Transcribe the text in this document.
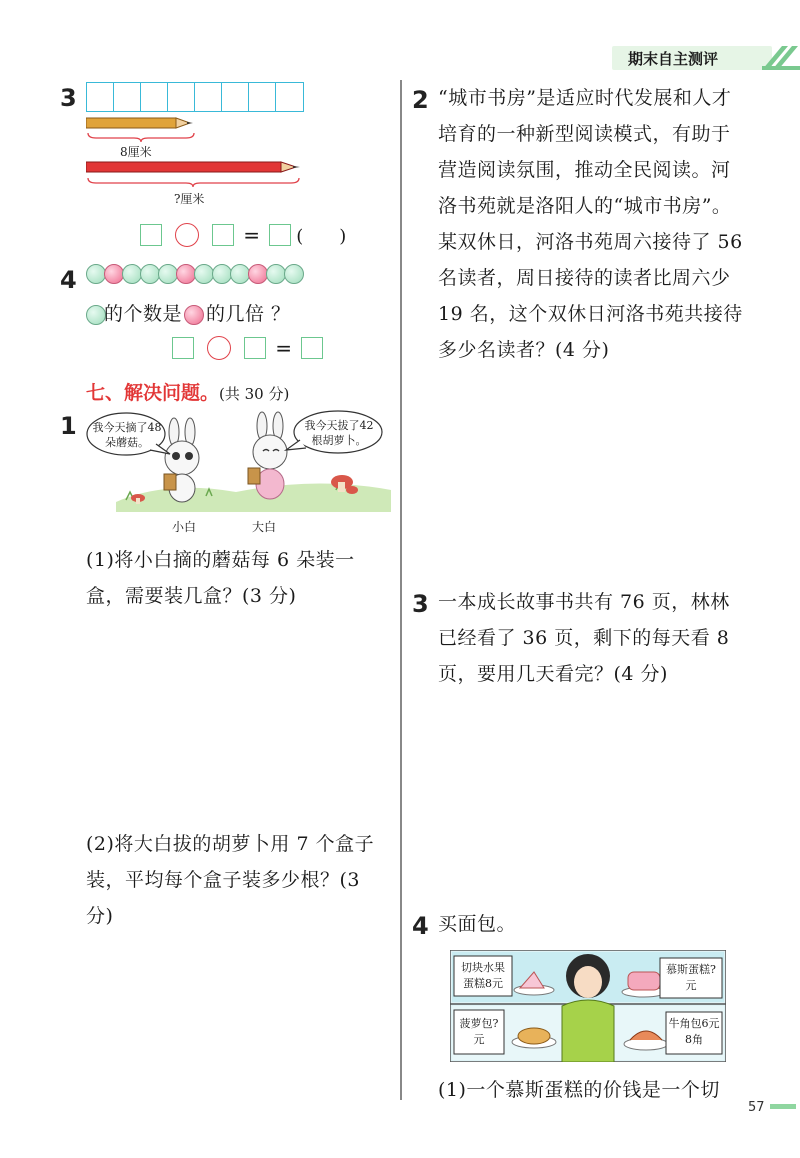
期末自主测评
3
8厘米
?厘米
= (　　)
4
的个数是 的几倍 ？
=
七、解决问题。(共 30 分)
1 我今天摘了48朵蘑菇。
我今天拔了42根胡萝卜。
小白	大白
(1)将小白摘的蘑菇每 6 朵装一盒，需要装几盒？(3 分)
(2)将大白拔的胡萝卜用 7 个盒子装，平均每个盒子装多少根？(3 分)
2 “城市书房”是适应时代发展和人才培育的一种新型阅读模式，有助于营造阅读氛围，推动全民阅读。河洛书苑就是洛阳人的“城市书房”。某双休日，河洛书苑周六接待了 56 名读者，周日接待的读者比周六少 19 名，这个双休日河洛书苑共接待多少名读者？(4 分)
3 一本成长故事书共有 76 页，林林已经看了 36 页，剩下的每天看 8 页，要用几天看完？(4 分)
4 买面包。
切块水果蛋糕8元
慕斯蛋糕?元
菠萝包?元
牛角包6元8角
(1)一个慕斯蛋糕的价钱是一个切
57
